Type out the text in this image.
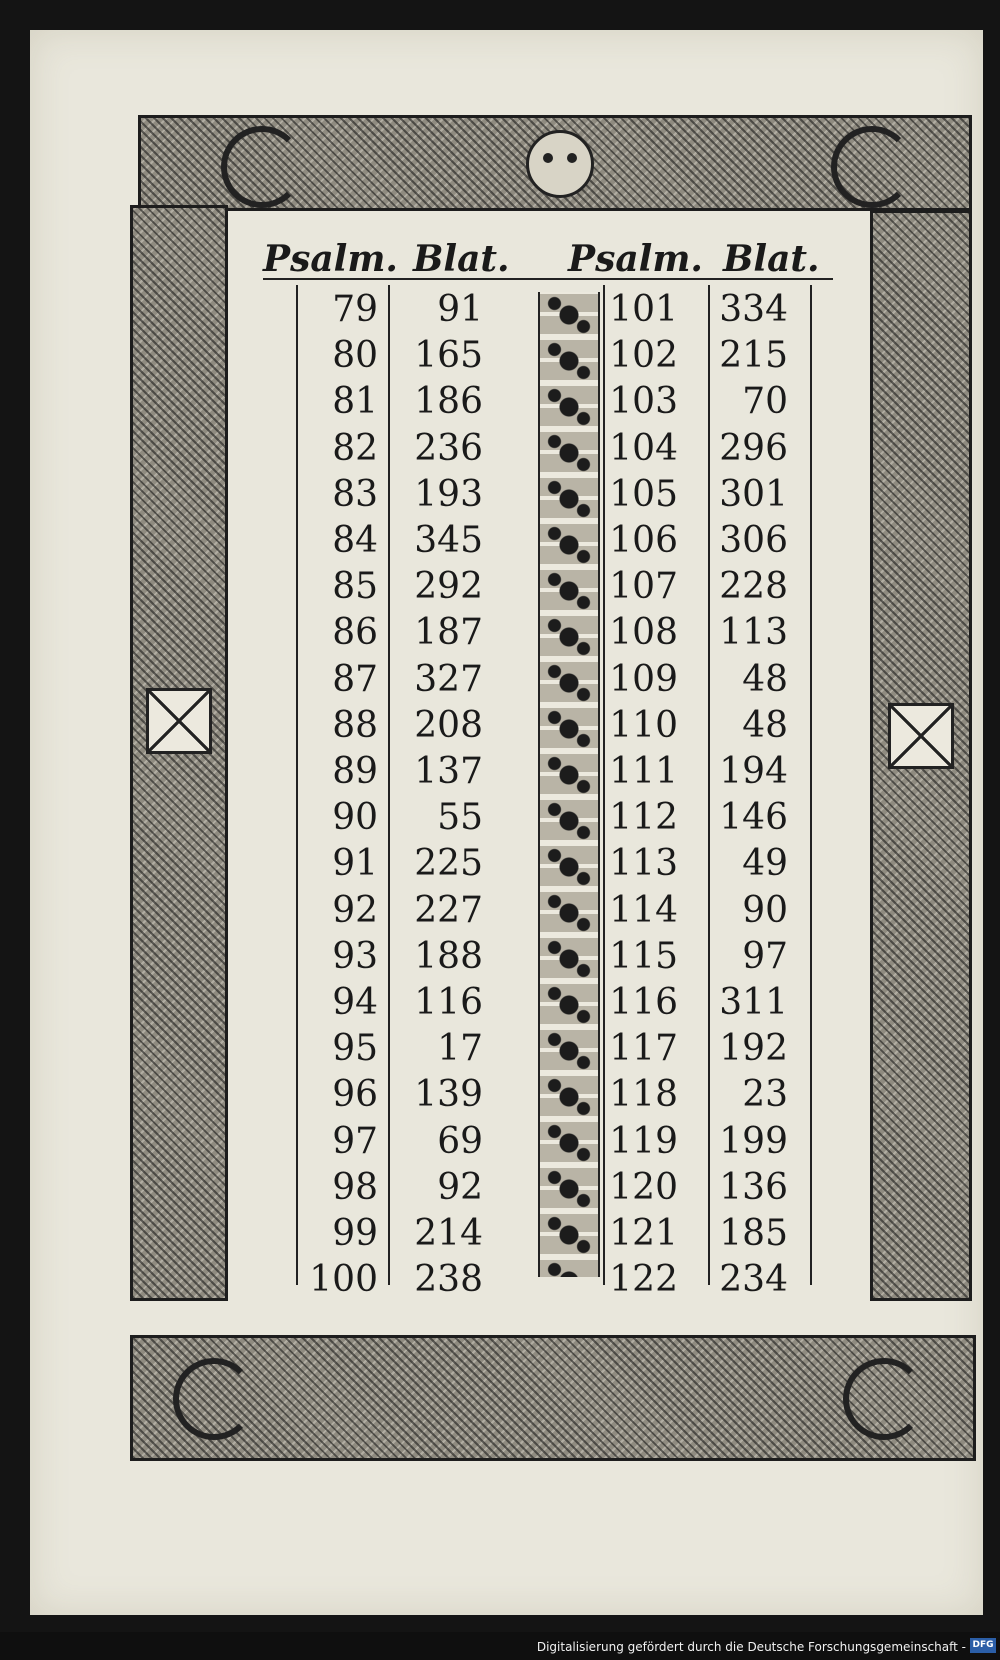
Psalm. Blat. Psalm. Blat.
79
80
81
82
83
84
85
86
87
88
89
90
91
92
93
94
95
96
97
98
99
100
91
165
186
236
193
345
292
187
327
208
137
55
225
227
188
116
17
139
69
92
214
238
101
102
103
104
105
106
107
108
109
110
111
112
113
114
115
116
117
118
119
120
121
122
334
215
70
296
301
306
228
113
48
48
194
146
49
90
97
311
192
23
199
136
185
234
Digitalisierung gefördert durch die Deutsche Forschungsgemeinschaft - DFG
